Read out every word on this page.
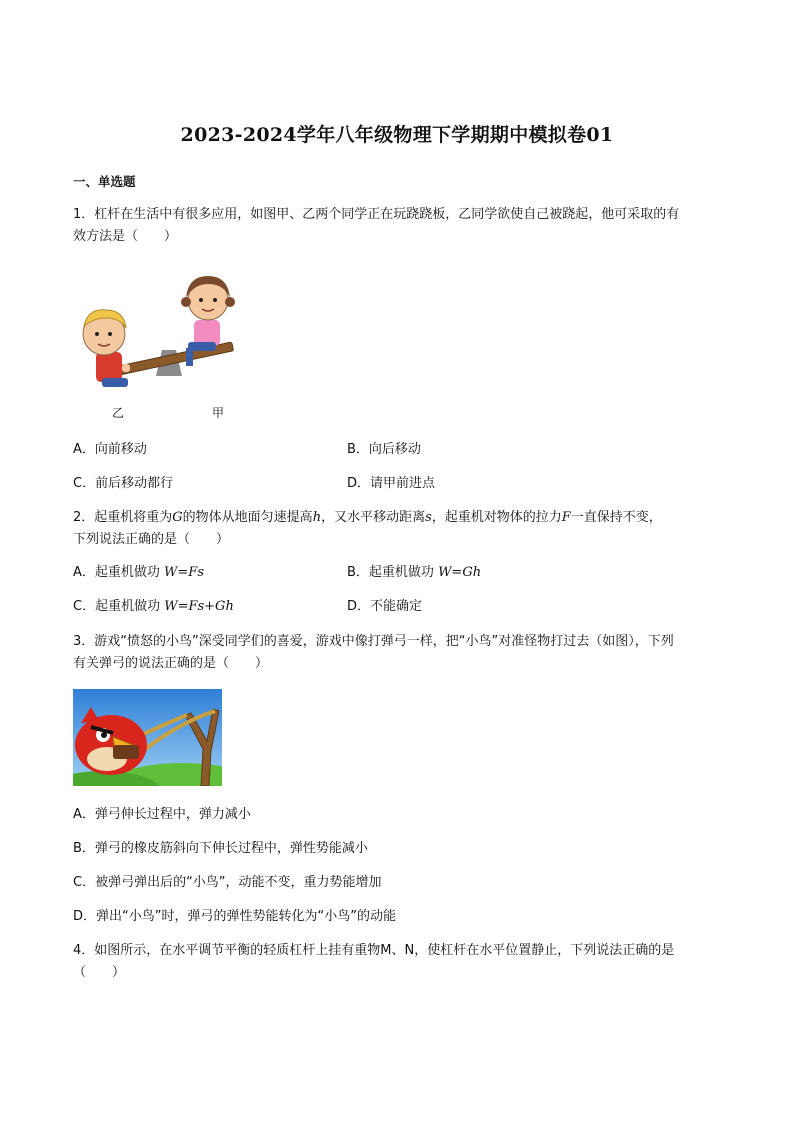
2023-2024学年八年级物理下学期期中模拟卷01
一、单选题
1．杠杆在生活中有很多应用，如图甲、乙两个同学正在玩跷跷板，乙同学欲使自己被跷起，他可采取的有
效方法是（　　）
乙	甲
A．向前移动	B．向后移动
C．前后移动都行	D．请甲前进点
2．起重机将重为G的物体从地面匀速提高h，又水平移动距离s，起重机对物体的拉力F一直保持不变，
下列说法正确的是（　　）
A．起重机做功 W=Fs	B．起重机做功 W=Gh
C．起重机做功 W=Fs+Gh	D．不能确定
3．游戏“愤怒的小鸟”深受同学们的喜爱，游戏中像打弹弓一样，把“小鸟”对准怪物打过去（如图），下列
有关弹弓的说法正确的是（　　）
A．弹弓伸长过程中，弹力减小
B．弹弓的橡皮筋斜向下伸长过程中，弹性势能减小
C．被弹弓弹出后的“小鸟”，动能不变，重力势能增加
D．弹出“小鸟”时，弹弓的弹性势能转化为“小鸟”的动能
4．如图所示，在水平调节平衡的轻质杠杆上挂有重物M、N，使杠杆在水平位置静止，下列说法正确的是
（　　）
